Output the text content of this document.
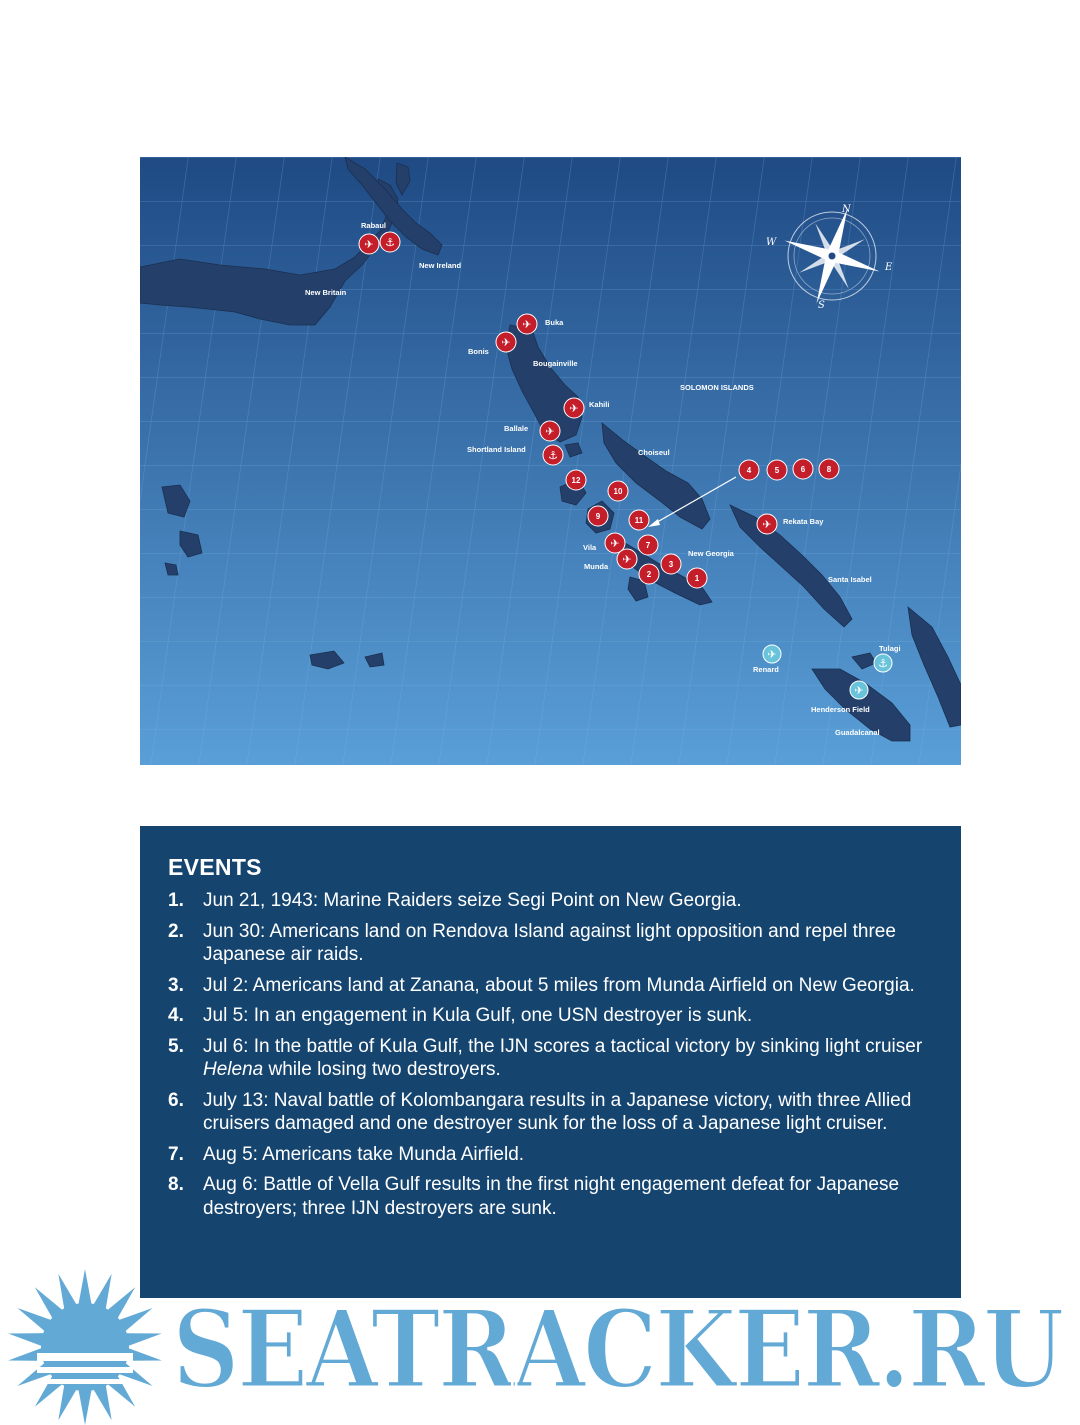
N
E
S
W
Rabaul
New Ireland
New Britain
Buka
Bonis
Bougainville
SOLOMON ISLANDS
Kahili
Ballale
Shortland Island	Choiseul
Rekata Bay
Vila
Munda
New Georgia
Santa Isabel
Tulagi
Renard
Henderson Field
Guadalcanal
✈ ⚓
✈
✈
✈
✈
⚓
✈
✈
✈
✈
⚓
✈
1
2
3
4	5	6
7
8
9
10
11
12
EVENTS
1.	Jun 21, 1943: Marine Raiders seize Segi Point on New Georgia.
2.	Jun 30: Americans land on Rendova Island against light opposition and repel three Japanese air raids.
3.	Jul 2: Americans land at Zanana, about 5 miles from Munda Airfield on New Georgia.
4.	Jul 5: In an engagement in Kula Gulf, one USN destroyer is sunk.
5.	Jul 6: In the battle of Kula Gulf, the IJN scores a tactical victory by sinking light cruiser Helena while losing two destroyers.
6.	July 13: Naval battle of Kolombangara results in a Japanese victory, with three Allied cruisers damaged and one destroyer sunk for the loss of a Japanese light cruiser.
7.	Aug 5: Americans take Munda Airfield.
8.	Aug 6: Battle of Vella Gulf results in the first night engagement defeat for Japanese destroyers; three IJN destroyers are sunk.
SEATRACKER.RU
